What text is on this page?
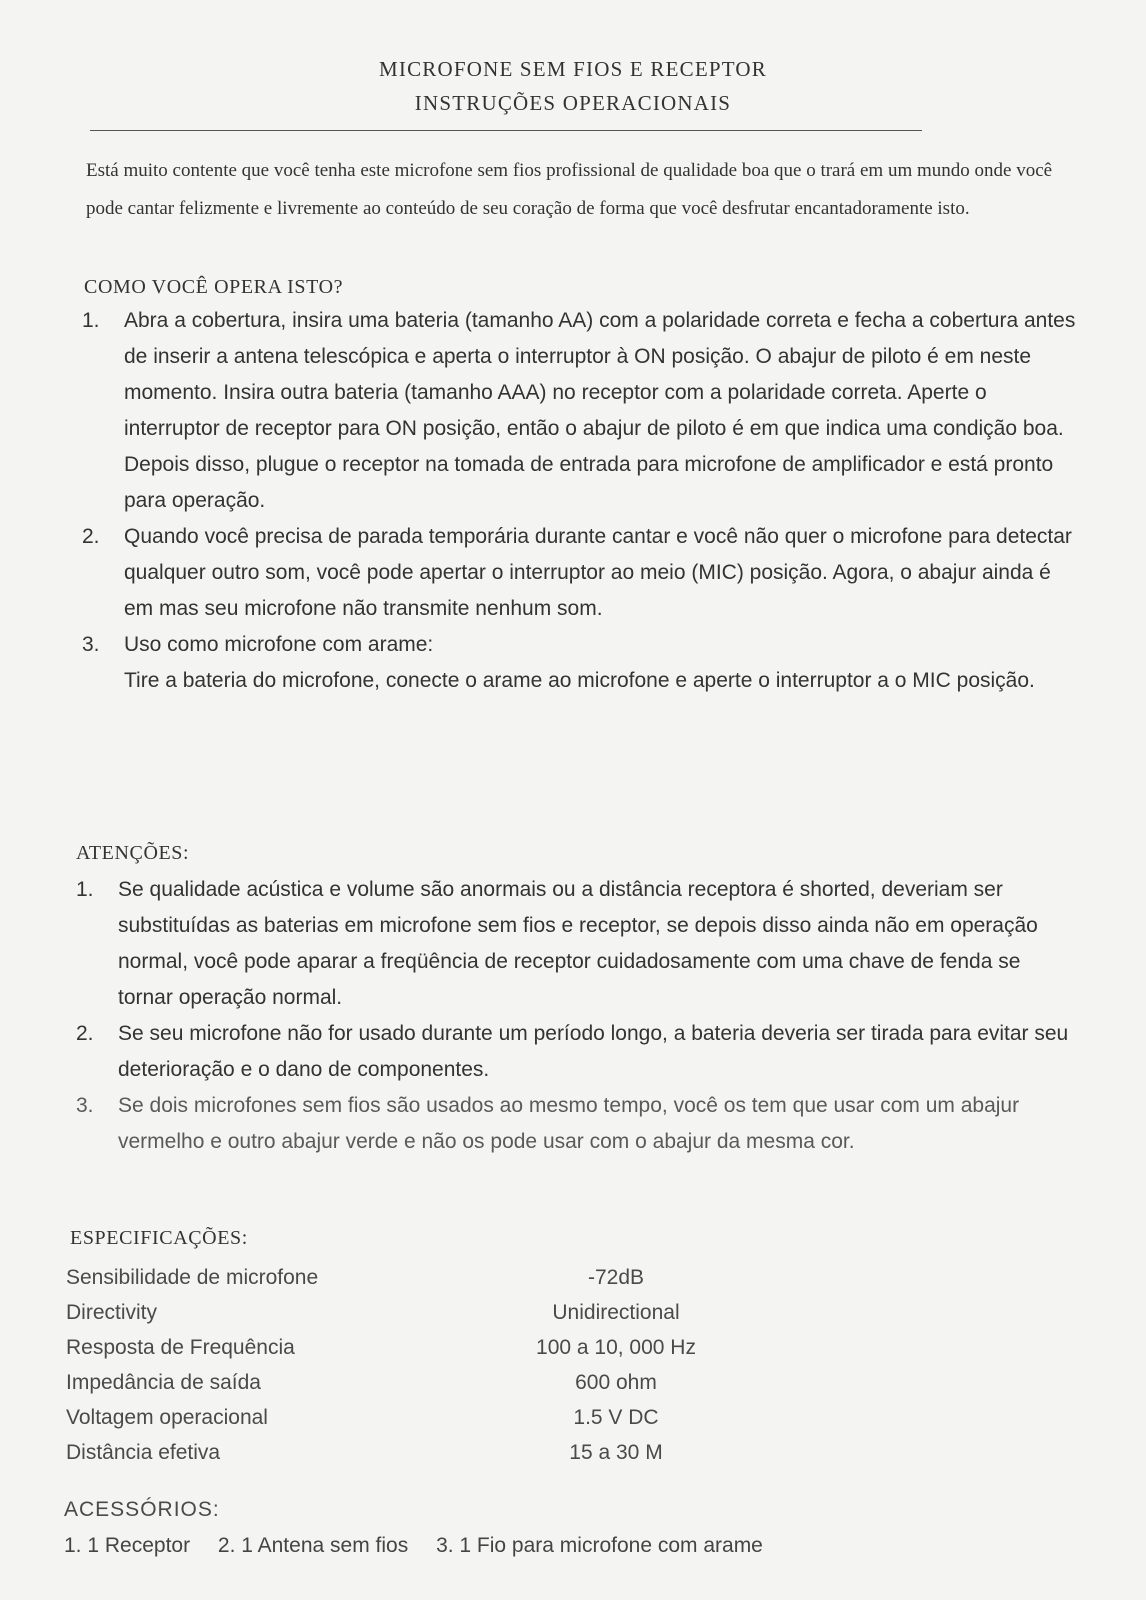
MICROFONE SEM FIOS E RECEPTOR
INSTRUÇÕES OPERACIONAIS

Está muito contente que você tenha este microfone sem fios profissional de qualidade boa que o trará em um mundo onde você pode cantar felizmente e livremente ao conteúdo de seu coração de forma que você desfrutar encantadoramente isto.

COMO VOCÊ OPERA ISTO?
1. Abra a cobertura, insira uma bateria (tamanho AA) com a polaridade correta e fecha a cobertura antes de inserir a antena telescópica e aperta o interruptor à ON posição. O abajur de piloto é em neste momento. Insira outra bateria (tamanho AAA) no receptor com a polaridade correta. Aperte o interruptor de receptor para ON posição, então o abajur de piloto é em que indica uma condição boa. Depois disso, plugue o receptor na tomada de entrada para microfone de amplificador e está pronto para operação.
2. Quando você precisa de parada temporária durante cantar e você não quer o microfone para detectar qualquer outro som, você pode apertar o interruptor ao meio (MIC) posição. Agora, o abajur ainda é em mas seu microfone não transmite nenhum som.
3. Uso como microfone com arame:
Tire a bateria do microfone, conecte o arame ao microfone e aperte o interruptor a o MIC posição.
ATENÇÕES:
1. Se qualidade acústica e volume são anormais ou a distância receptora é shorted, deveriam ser substituídas as baterias em microfone sem fios e receptor, se depois disso ainda não em operação normal, você pode aparar a freqüência de receptor cuidadosamente com uma chave de fenda se tornar operação normal.
2. Se seu microfone não for usado durante um período longo, a bateria deveria ser tirada para evitar seu deterioração e o dano de componentes.
3. Se dois microfones sem fios são usados ao mesmo tempo, você os tem que usar com um abajur vermelho e outro abajur verde e não os pode usar com o abajur da mesma cor.
ESPECIFICAÇÕES:
Sensibilidade de microfone	-72dB
Directivity	Unidirectional
Resposta de Frequência	100 a 10, 000 Hz
Impedância de saída	600 ohm
Voltagem operacional	1.5 V DC
Distância efetiva	15 a 30 M
ACESSÓRIOS:
1. 1 Receptor 2. 1 Antena sem fios 3. 1 Fio para microfone com arame
